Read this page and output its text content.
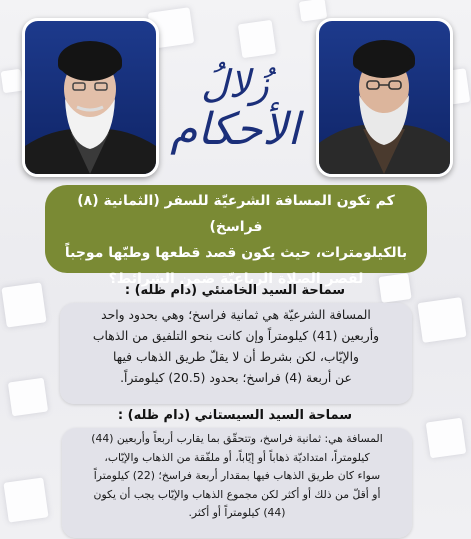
زُلالُ
الأحكام
كم تكون المسافة الشرعيّة للسفر (الثمانية (٨) فراسخ)
بالكيلومترات، حيث يكون قصد قطعها وطيّها موجباً
لقصر الصلاة الرباعيّة ضمن الشرائط؟
سماحة السيد الخامنئي (دام ظله) :
المسافة الشرعيّة هي ثمانية فراسخ؛ وهي بحدود واحد
وأربعين (41) كيلومتراً وإن كانت بنحو التلفيق من الذهاب
والإيّاب، لكن بشرط أن لا يقلّ طريق الذهاب فيها
عن أربعة (4) فراسخ؛ بحدود (20.5) كيلومتراً.
سماحة السيد السيستاني (دام ظله) :
المسافة هي: ثمانية فراسخ، وتتحقّق بما يقارب أربعاً وأربعين (44)
كيلومتراً، امتداديّة ذهاباً أو إيّاباً، أو ملفّقة من الذهاب والإيّاب،
سواء كان طريق الذهاب فيها بمقدار أربعة فراسخ؛ (22) كيلومتراً
أو أقلّ من ذلك أو أكثر لكن مجموع الذهاب والإيّاب يجب أن يكون
(44) كيلومتراً أو أكثر.
